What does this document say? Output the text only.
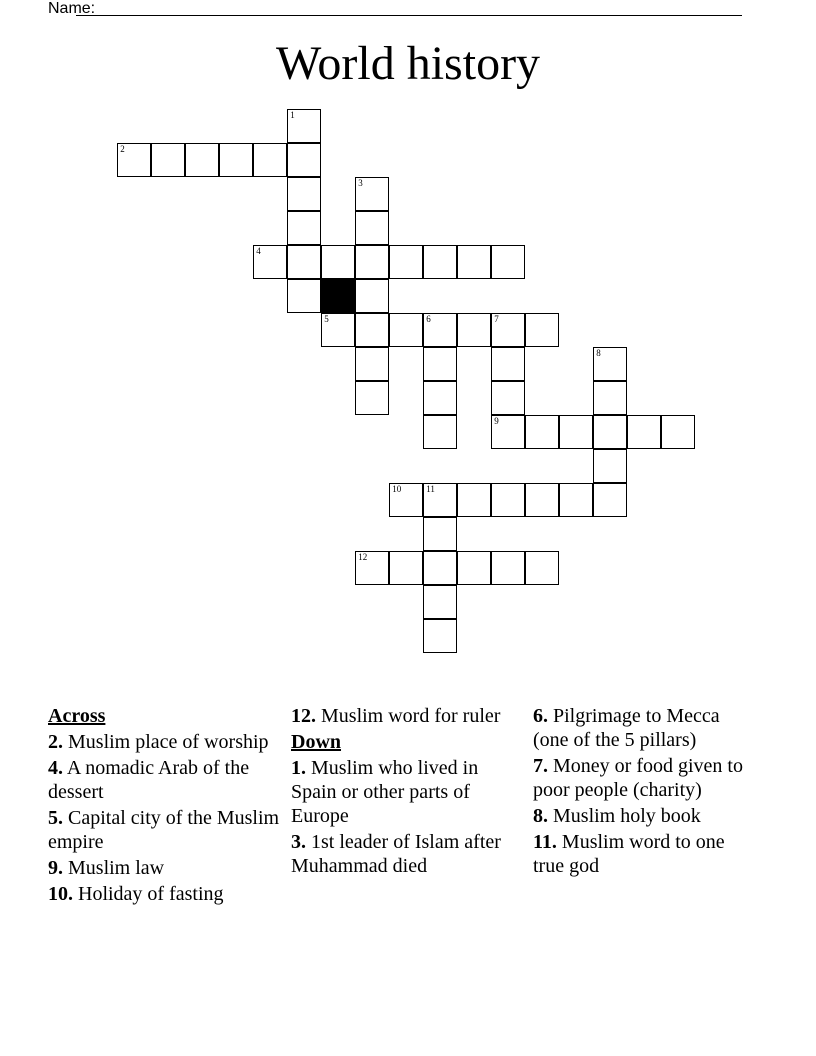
Name:
World history
1
2
3
4
5	6	7
9
8
10	11
12
Across
2. Muslim place of worship
4. A nomadic Arab of the dessert
5. Capital city of the Muslim empire
9. Muslim law
10. Holiday of fasting
12. Muslim word for ruler
Down
1. Muslim who lived in Spain or other parts of Europe
3. 1st leader of Islam after Muhammad died
6. Pilgrimage to Mecca (one of the 5 pillars)
7. Money or food given to poor people (charity)
8. Muslim holy book
11. Muslim word to one true god
